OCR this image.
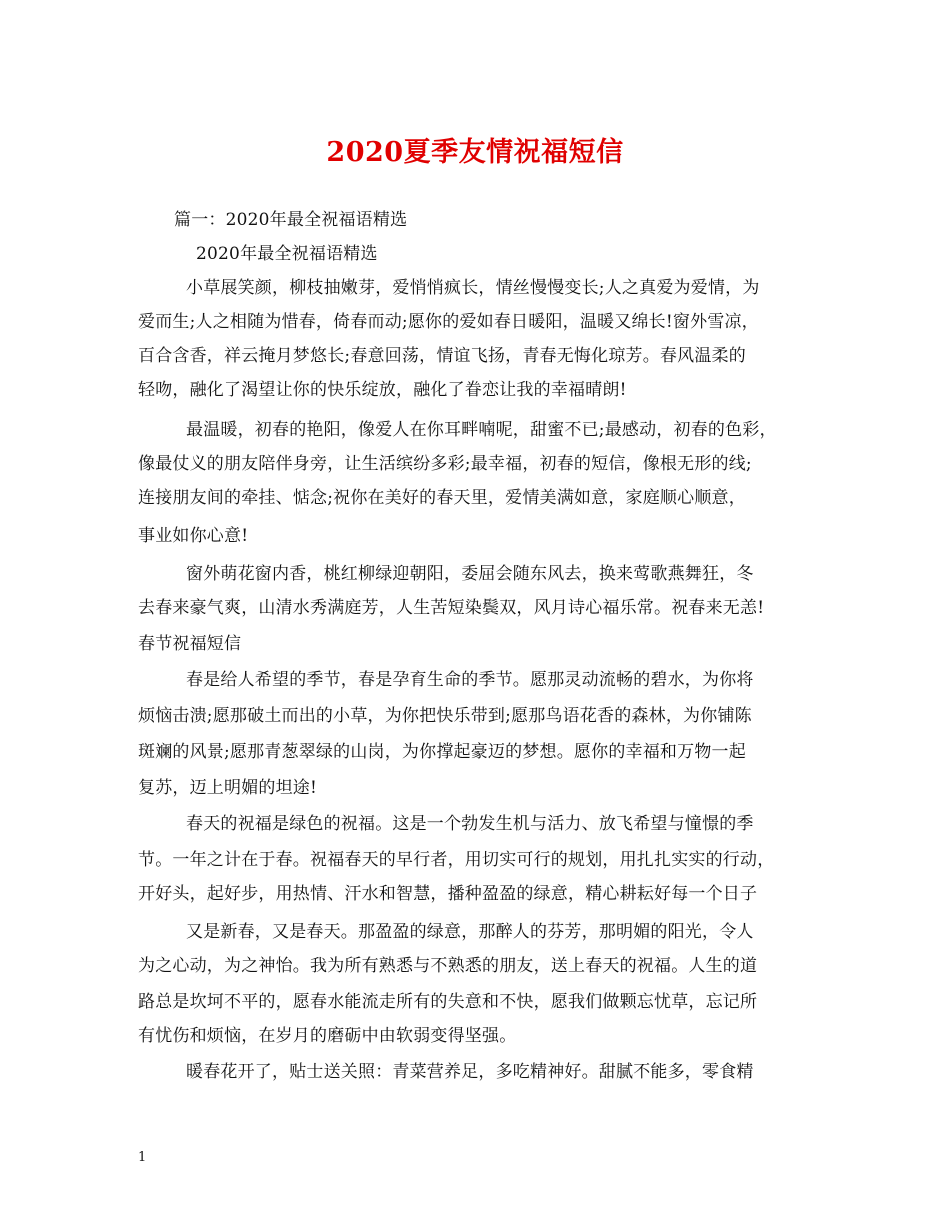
2020夏季友情祝福短信
篇一：2020年最全祝福语精选
2020年最全祝福语精选
小草展笑颜，柳枝抽嫩芽，爱悄悄疯长，情丝慢慢变长;人之真爱为爱情，为
爱而生;人之相随为惜春，倚春而动;愿你的爱如春日暖阳，温暖又绵长!窗外雪凉，
百合含香，祥云掩月梦悠长;春意回荡，情谊飞扬，青春无悔化琼芳。春风温柔的
轻吻，融化了渴望让你的快乐绽放，融化了眷恋让我的幸福晴朗!
最温暖，初春的艳阳，像爱人在你耳畔喃呢，甜蜜不已;最感动，初春的色彩，
像最仗义的朋友陪伴身旁，让生活缤纷多彩;最幸福，初春的短信，像根无形的线;
连接朋友间的牵挂、惦念;祝你在美好的春天里，爱情美满如意，家庭顺心顺意，
事业如你心意!
窗外萌花窗内香，桃红柳绿迎朝阳，委屈会随东风去，换来莺歌燕舞狂，冬
去春来豪气爽，山清水秀满庭芳，人生苦短染鬓双，风月诗心福乐常。祝春来无恙!
春节祝福短信
春是给人希望的季节，春是孕育生命的季节。愿那灵动流畅的碧水，为你将
烦恼击溃;愿那破土而出的小草，为你把快乐带到;愿那鸟语花香的森林，为你铺陈
斑斓的风景;愿那青葱翠绿的山岗，为你撑起豪迈的梦想。愿你的幸福和万物一起
复苏，迈上明媚的坦途!
春天的祝福是绿色的祝福。这是一个勃发生机与活力、放飞希望与憧憬的季
节。一年之计在于春。祝福春天的早行者，用切实可行的规划，用扎扎实实的行动，
开好头，起好步，用热情、汗水和智慧，播种盈盈的绿意，精心耕耘好每一个日子
又是新春，又是春天。那盈盈的绿意，那醉人的芬芳，那明媚的阳光，令人
为之心动，为之神怡。我为所有熟悉与不熟悉的朋友，送上春天的祝福。人生的道
路总是坎坷不平的，愿春水能流走所有的失意和不快，愿我们做颗忘忧草，忘记所
有忧伤和烦恼，在岁月的磨砺中由软弱变得坚强。
暖春花开了，贴士送关照：青菜营养足，多吃精神好。甜腻不能多，零食精
1
